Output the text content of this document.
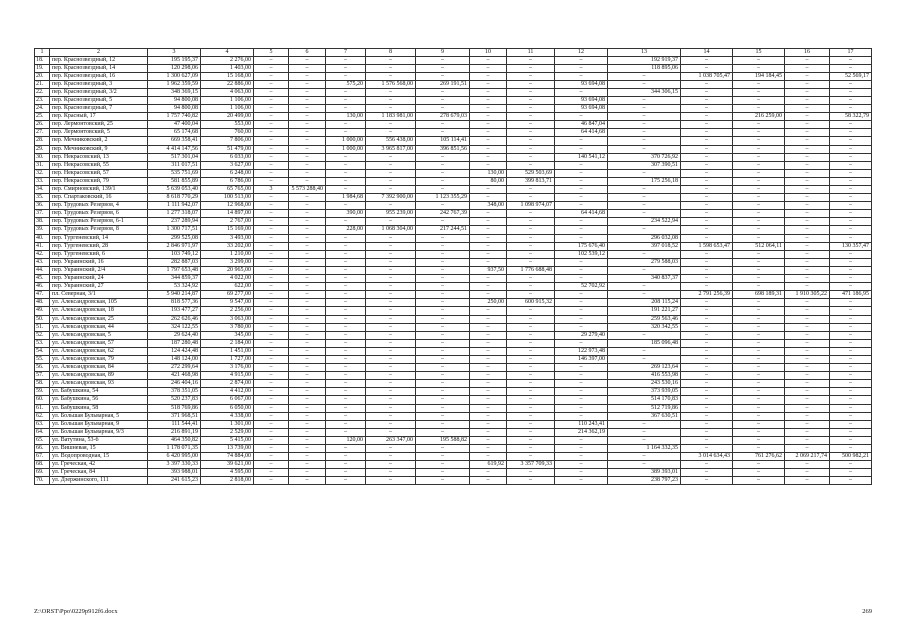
1	2	3	4	5	6	7	8	9	10	11	12	13	14	15	16	17
18.	пер. Краснозвездный, 12	195 195,37	2 276,00	–	–	–	–	–	–	–	–	192 919,37	–	–	–	–
19.	пер. Краснозвездный, 14	120 298,06	1 403,00	–	–	–	–	–	–	–	–	118 895,06	–	–	–	–
20.	пер. Краснозвездный, 16	1 300 627,09	15 168,00	–	–	–	–	–	–	–	–	–	1 038 705,47	194 184,45	–	52 569,17
21.	пер. Краснозвездный, 3	1 962 359,59	22 886,00	–	–	575,20	1 576 568,00	269 191,51	–	–	93 694,08	–	–	–	–	–
22.	пер. Краснозвездный, 3/2	348 369,15	4 063,00	–	–	–	–	–	–	–	–	344 306,15	–	–	–	–
23.	пер. Краснозвездный, 5	94 800,08	1 106,00	–	–	–	–	–	–	–	93 694,08	–	–	–	–	–
24.	пер. Краснозвездный, 7	94 800,08	1 106,00	–	–	–	–	–	–	–	93 694,08	–	–	–	–	–
25.	пер. Красный, 17	1 757 740,82	20 499,00	–	–	130,00	1 183 981,00	278 679,03	–	–	–	–	–	216 259,00	–	58 322,79
26.	пер. Лермонтовский, 25	47 400,04	553,00	–	–	–	–	–	–	–	46 847,04	–	–	–	–	–
27.	пер. Лермонтовский, 5	65 174,68	760,00	–	–	–	–	–	–	–	64 414,68	–	–	–	–	–
28.	пер. Мечниковский, 2	669 358,41	7 806,00	–	–	1 000,00	556 438,00	105 114,41	–	–	–	–	–	–	–	–
29.	пер. Мечниковский, 9	4 414 147,56	51 479,00	–	–	1 000,00	3 965 817,00	396 851,56	–	–	–	–	–	–	–	–
30.	пер. Некрасовский, 13	517 301,04	6 033,00	–	–	–	–	–	–	–	140 541,12	370 726,92	–	–	–	–
31.	пер. Некрасовский, 55	311 017,51	3 627,00	–	–	–	–	–	–	–	–	307 390,51	–	–	–	–
32.	пер. Некрасовский, 57	535 751,69	6 248,00	–	–	–	–	–	130,00	529 503,69	–	–	–	–	–	–
33.	пер. Некрасовский, 79	581 855,89	6 786,00	–	–	–	–	–	80,00	399 813,71	–	175 256,18	–	–	–	–
34.	пер. Смирновский, 139/1	5 639 053,40	65 765,00	3	5 573 288,40	–	–	–	–	–	–	–	–	–	–	–
35.	пер. Спартаковский, 16	8 618 770,29	100 513,00	–	–	1 984,68	7 392 900,00	1 123 355,29	–	–	–	–	–	–	–	–
36.	пер. Трудовых Резервов, 4	1 111 942,07	12 968,00	–	–	–	–	–	348,00	1 098 974,07	–	–	–	–	–	–
37.	пер. Трудовых Резервов, 6	1 277 318,07	14 897,00	–	–	390,00	955 239,00	242 767,39	–	–	64 414,68	–	–	–	–	–
38.	пер. Трудовых Резервов, 6-1	237 289,94	2 767,00	–	–	–	–	–	–	–	–	234 522,94	–	–	–	–
39.	пер. Трудовых Резервов, 8	1 300 717,51	15 169,00	–	–	228,00	1 068 304,00	217 244,51	–	–	–	–	–	–	–	–
40.	пер. Тургеневский, 14	299 525,08	3 493,00	–	–	–	–	–	–	–	–	296 032,08	–	–	–	–
41.	пер. Тургеневский, 28	2 846 971,97	33 202,00	–	–	–	–	–	–	–	175 676,40	397 018,52	1 598 653,47	512 064,11	–	130 357,47
42.	пер. Тургеневский, 6	103 749,12	1 210,00	–	–	–	–	–	–	–	102 539,12	–	–	–	–	–
43.	пер. Украинский, 16	282 887,03	3 299,00	–	–	–	–	–	–	–	–	279 588,03	–	–	–	–
44.	пер. Украинский, 2/4	1 797 653,48	20 965,00	–	–	–	–	–	937,50	1 776 688,48	–	–	–	–	–	–
45.	пер. Украинский, 24	344 859,37	4 022,00	–	–	–	–	–	–	–	–	340 837,37	–	–	–	–
46.	пер. Украинский, 27	53 324,92	622,00	–	–	–	–	–	–	–	52 702,92	–	–	–	–	–
47.	пл. Северная, 3/1	5 940 214,87	69 277,00	–	–	–	–	–	–	–	–	–	2 791 256,39	698 189,31	1 910 305,22	471 186,95
48.	ул. Александровская, 105	818 577,36	9 547,00	–	–	–	–	–	250,00	600 915,32	–	208 115,24	–	–	–	–
49.	ул. Александровская, 18	193 477,27	2 256,00	–	–	–	–	–	–	–	–	191 221,27	–	–	–	–
50.	ул. Александровская, 25	262 626,46	3 063,00	–	–	–	–	–	–	–	–	259 563,46	–	–	–	–
51.	ул. Александровская, 44	324 122,55	3 780,00	–	–	–	–	–	–	–	–	320 342,55	–	–	–	–
52.	ул. Александровская, 5	29 624,40	345,00	–	–	–	–	–	–	–	29 279,40	–	–	–	–	–
53.	ул. Александровская, 57	187 280,48	2 184,00	–	–	–	–	–	–	–	–	185 096,48	–	–	–	–
54.	ул. Александровская, 62	124 424,48	1 451,00	–	–	–	–	–	–	–	122 973,48	–	–	–	–	–
55.	ул. Александровская, 79	148 124,00	1 727,00	–	–	–	–	–	–	–	146 397,00	–	–	–	–	–
56.	ул. Александровская, 84	272 299,64	3 176,00	–	–	–	–	–	–	–	–	269 123,64	–	–	–	–
57.	ул. Александровская, 89	421 468,98	4 915,00	–	–	–	–	–	–	–	–	416 553,98	–	–	–	–
58.	ул. Александровская, 93	246 404,16	2 874,00	–	–	–	–	–	–	–	–	243 530,16	–	–	–	–
59.	ул. Бабушкина, 54	378 351,05	4 412,00	–	–	–	–	–	–	–	–	373 939,05	–	–	–	–
60.	ул. Бабушкина, 56	520 237,83	6 067,00	–	–	–	–	–	–	–	–	514 170,83	–	–	–	–
61.	ул. Бабушкина, 58	518 769,86	6 050,00	–	–	–	–	–	–	–	–	512 719,86	–	–	–	–
62.	ул. Большая Бульварная, 5	371 968,51	4 338,00	–	–	–	–	–	–	–	–	367 630,51	–	–	–	–
63.	ул. Большая Бульварная, 9	111 544,41	1 301,00	–	–	–	–	–	–	–	110 243,41	–	–	–	–	–
64.	ул. Большая Бульварная, 9/3	216 891,19	2 529,00	–	–	–	–	–	–	–	214 362,19	–	–	–	–	–
65.	ул. Ватутина, 53-б	464 350,82	5 415,00	–	–	120,00	263 347,00	195 588,82	–	–	–	–	–	–	–	–
66.	ул. Вишневая, 15	1 178 071,35	13 739,00	–	–	–	–	–	–	–	–	1 164 332,35	–	–	–	–
67.	ул. Водопроводная, 15	6 420 995,00	74 884,00	–	–	–	–	–	–	–	–	–	3 014 634,43	761 276,62	2 069 217,74	500 982,21
68.	ул. Греческая, 42	3 397 330,33	39 621,00	–	–	–	–	–	619,92	3 357 709,33	–	–	–	–	–	–
69.	ул. Греческая, 84	393 988,01	4 595,00	–	–	–	–	–	–	–	–	389 393,01	–	–	–	–
70.	ул. Дзержинского, 111	241 615,23	2 818,00	–	–	–	–	–	–	–	–	238 797,23	–	–	–	–
Z:\ORST\Ppo\0229p912f6.docx	269
